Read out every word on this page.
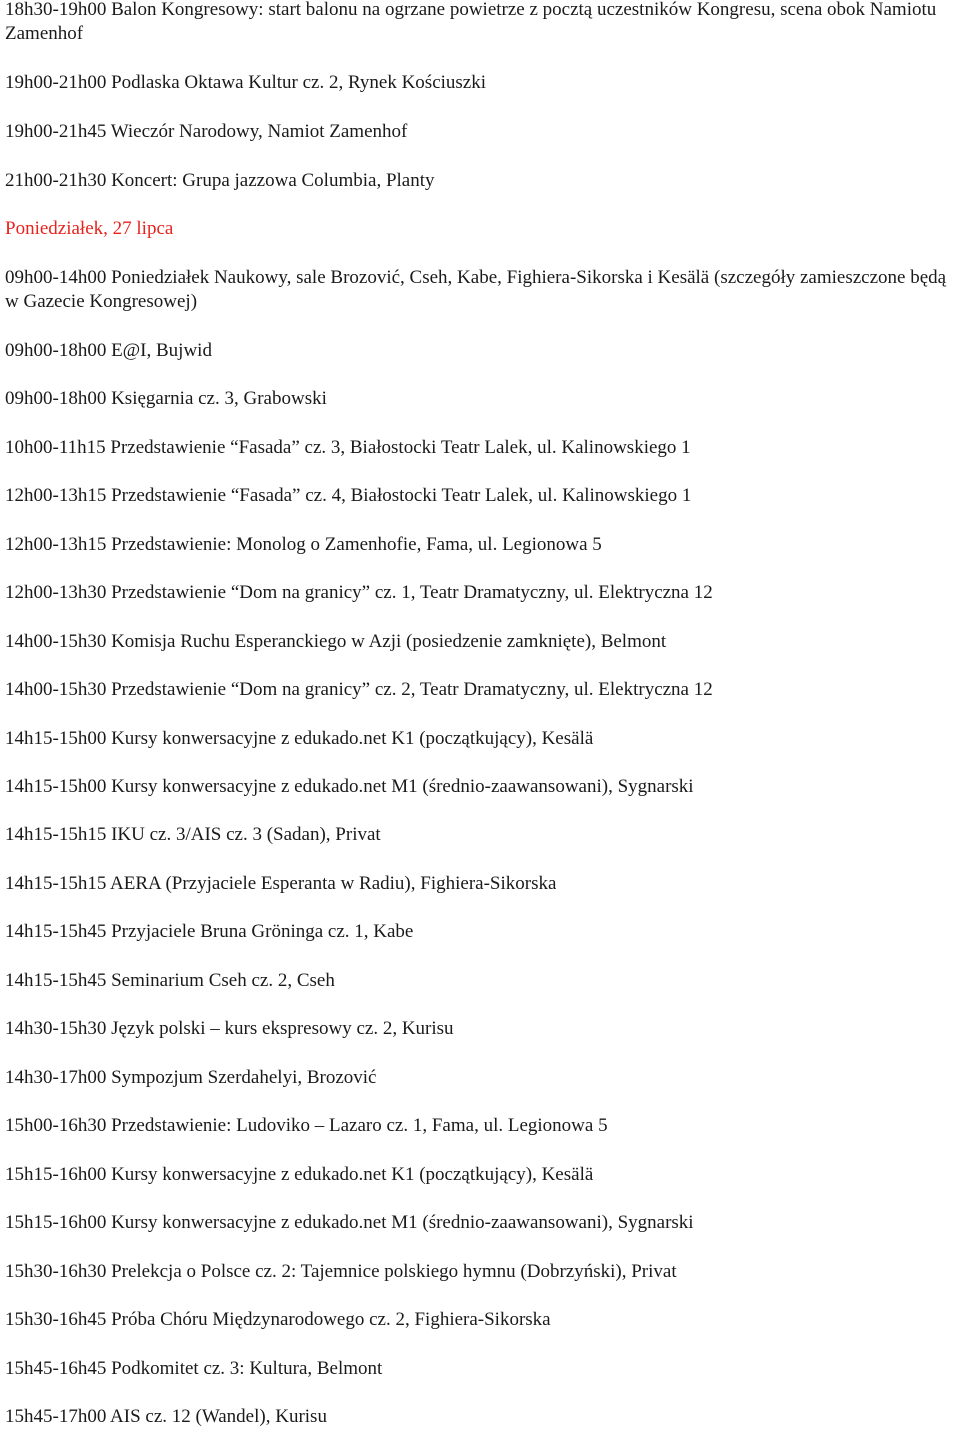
18h30-19h00 Balon Kongresowy: start balonu na ogrzane powietrze z pocztą uczestników Kongresu, scena obok Namiotu Zamenhof
19h00-21h00 Podlaska Oktawa Kultur cz. 2, Rynek Kościuszki
19h00-21h45 Wieczór Narodowy, Namiot Zamenhof
21h00-21h30 Koncert: Grupa jazzowa Columbia, Planty
Poniedziałek, 27 lipca
09h00-14h00 Poniedziałek Naukowy, sale Brozović, Cseh, Kabe, Fighiera-Sikorska i Kesälä (szczegóły zamieszczone będą w Gazecie Kongresowej)
09h00-18h00 E@I, Bujwid
09h00-18h00 Księgarnia cz. 3, Grabowski
10h00-11h15 Przedstawienie “Fasada” cz. 3, Białostocki Teatr Lalek, ul. Kalinowskiego 1
12h00-13h15 Przedstawienie “Fasada” cz. 4, Białostocki Teatr Lalek, ul. Kalinowskiego 1
12h00-13h15 Przedstawienie: Monolog o Zamenhofie, Fama, ul. Legionowa 5
12h00-13h30 Przedstawienie “Dom na granicy” cz. 1, Teatr Dramatyczny, ul. Elektryczna 12
14h00-15h30 Komisja Ruchu Esperanckiego w Azji (posiedzenie zamknięte), Belmont
14h00-15h30 Przedstawienie “Dom na granicy” cz. 2, Teatr Dramatyczny, ul. Elektryczna 12
14h15-15h00 Kursy konwersacyjne z edukado.net K1 (początkujący), Kesälä
14h15-15h00 Kursy konwersacyjne z edukado.net M1 (średnio-zaawansowani), Sygnarski
14h15-15h15 IKU cz. 3/AIS cz. 3 (Sadan), Privat
14h15-15h15 AERA (Przyjaciele Esperanta w Radiu), Fighiera-Sikorska
14h15-15h45 Przyjaciele Bruna Gröninga cz. 1, Kabe
14h15-15h45 Seminarium Cseh cz. 2, Cseh
14h30-15h30 Język polski – kurs ekspresowy cz. 2, Kurisu
14h30-17h00 Sympozjum Szerdahelyi, Brozović
15h00-16h30 Przedstawienie: Ludoviko – Lazaro cz. 1, Fama, ul. Legionowa 5
15h15-16h00 Kursy konwersacyjne z edukado.net K1 (początkujący), Kesälä
15h15-16h00 Kursy konwersacyjne z edukado.net M1 (średnio-zaawansowani), Sygnarski
15h30-16h30 Prelekcja o Polsce cz. 2: Tajemnice polskiego hymnu (Dobrzyński), Privat
15h30-16h45 Próba Chóru Międzynarodowego cz. 2, Fighiera-Sikorska
15h45-16h45 Podkomitet cz. 3: Kultura, Belmont
15h45-17h00 AIS cz. 12 (Wandel), Kurisu
